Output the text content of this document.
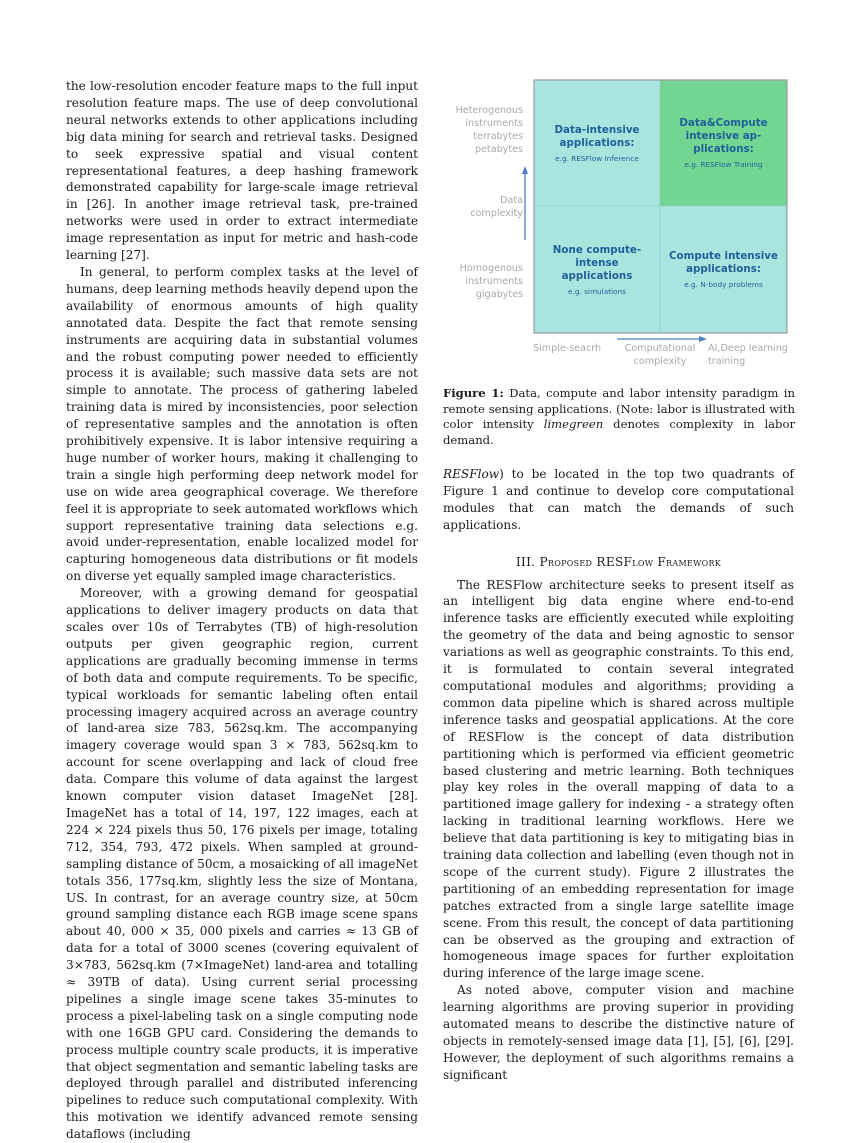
the low-resolution encoder feature maps to the full input resolution feature maps. The use of deep convolutional neural networks extends to other applications including big data mining for search and retrieval tasks. Designed to seek expressive spatial and visual content representational features, a deep hashing framework demonstrated capability for large-scale image retrieval in [26]. In another image retrieval task, pre-trained networks were used in order to extract intermediate image representation as input for metric and hash-code learning [27].

In general, to perform complex tasks at the level of humans, deep learning methods heavily depend upon the availability of enormous amounts of high quality annotated data. Despite the fact that remote sensing instruments are acquiring data in substantial volumes and the robust computing power needed to efficiently process it is available; such massive data sets are not simple to annotate. The process of gathering labeled training data is mired by inconsistencies, poor selection of representative samples and the annotation is often prohibitively expensive. It is labor intensive requiring a huge number of worker hours, making it challenging to train a single high performing deep network model for use on wide area geographical coverage. We therefore feel it is appropriate to seek automated workflows which support representative training data selections e.g. avoid under-representation, enable localized model for capturing homogeneous data distributions or fit models on diverse yet equally sampled image characteristics.

Moreover, with a growing demand for geospatial applications to deliver imagery products on data that scales over 10s of Terrabytes (TB) of high-resolution outputs per given geographic region, current applications are gradually becoming immense in terms of both data and compute requirements. To be specific, typical workloads for semantic labeling often entail processing imagery acquired across an average country of land-area size 783, 562sq.km. The accompanying imagery coverage would span 3 × 783, 562sq.km to account for scene overlapping and lack of cloud free data. Compare this volume of data against the largest known computer vision dataset ImageNet [28]. ImageNet has a total of 14, 197, 122 images, each at 224 × 224 pixels thus 50, 176 pixels per image, totaling 712, 354, 793, 472 pixels. When sampled at ground-sampling distance of 50cm, a mosaicking of all imageNet totals 356, 177sq.km, slightly less the size of Montana, US. In contrast, for an average country size, at 50cm ground sampling distance each RGB image scene spans about 40, 000 × 35, 000 pixels and carries ≈ 13 GB of data for a total of 3000 scenes (covering equivalent of 3×783, 562sq.km (7×ImageNet) land-area and totalling ≈ 39TB of data). Using current serial processing pipelines a single image scene takes 35-minutes to process a pixel-labeling task on a single computing node with one 16GB GPU card. Considering the demands to process multiple country scale products, it is imperative that object segmentation and semantic labeling tasks are deployed through parallel and distributed inferencing pipelines to reduce such computational complexity. With this motivation we identify advanced remote sensing dataflows (including

Data-intensive applications:
e.g. RESFlow Inference
Data&Compute intensive ap- plications:
e.g. RESFlow Training
None compute- intense applications
e.g. simulations
Compute intensive applications:
e.g. N-body problems
Heterogenous instruments terrabytes petabytes
Data complexity
Homogenous instruments gigabytes
Simple-seacrh	Computational complexity
AI,Deep learning training
Figure 1: Data, compute and labor intensity paradigm in remote sensing applications. (Note: labor is illustrated with color intensity limegreen denotes complexity in labor demand.

RESFlow) to be located in the top two quadrants of Figure 1 and continue to develop core computational modules that can match the demands of such applications.

III. Proposed RESFlow Framework

The RESFlow architecture seeks to present itself as an intelligent big data engine where end-to-end inference tasks are efficiently executed while exploiting the geometry of the data and being agnostic to sensor variations as well as geographic constraints. To this end, it is formulated to contain several integrated computational modules and algorithms; providing a common data pipeline which is shared across multiple inference tasks and geospatial applications. At the core of RESFlow is the concept of data distribution partitioning which is performed via efficient geometric based clustering and metric learning. Both techniques play key roles in the overall mapping of data to a partitioned image gallery for indexing - a strategy often lacking in traditional learning workflows. Here we believe that data partitioning is key to mitigating bias in training data collection and labelling (even though not in scope of the current study). Figure 2 illustrates the partitioning of an embedding representation for image patches extracted from a single large satellite image scene. From this result, the concept of data partitioning can be observed as the grouping and extraction of homogeneous image spaces for further exploitation during inference of the large image scene.

As noted above, computer vision and machine learning algorithms are proving superior in providing automated means to describe the distinctive nature of objects in remotely-sensed image data [1], [5], [6], [29]. However, the deployment of such algorithms remains a significant
